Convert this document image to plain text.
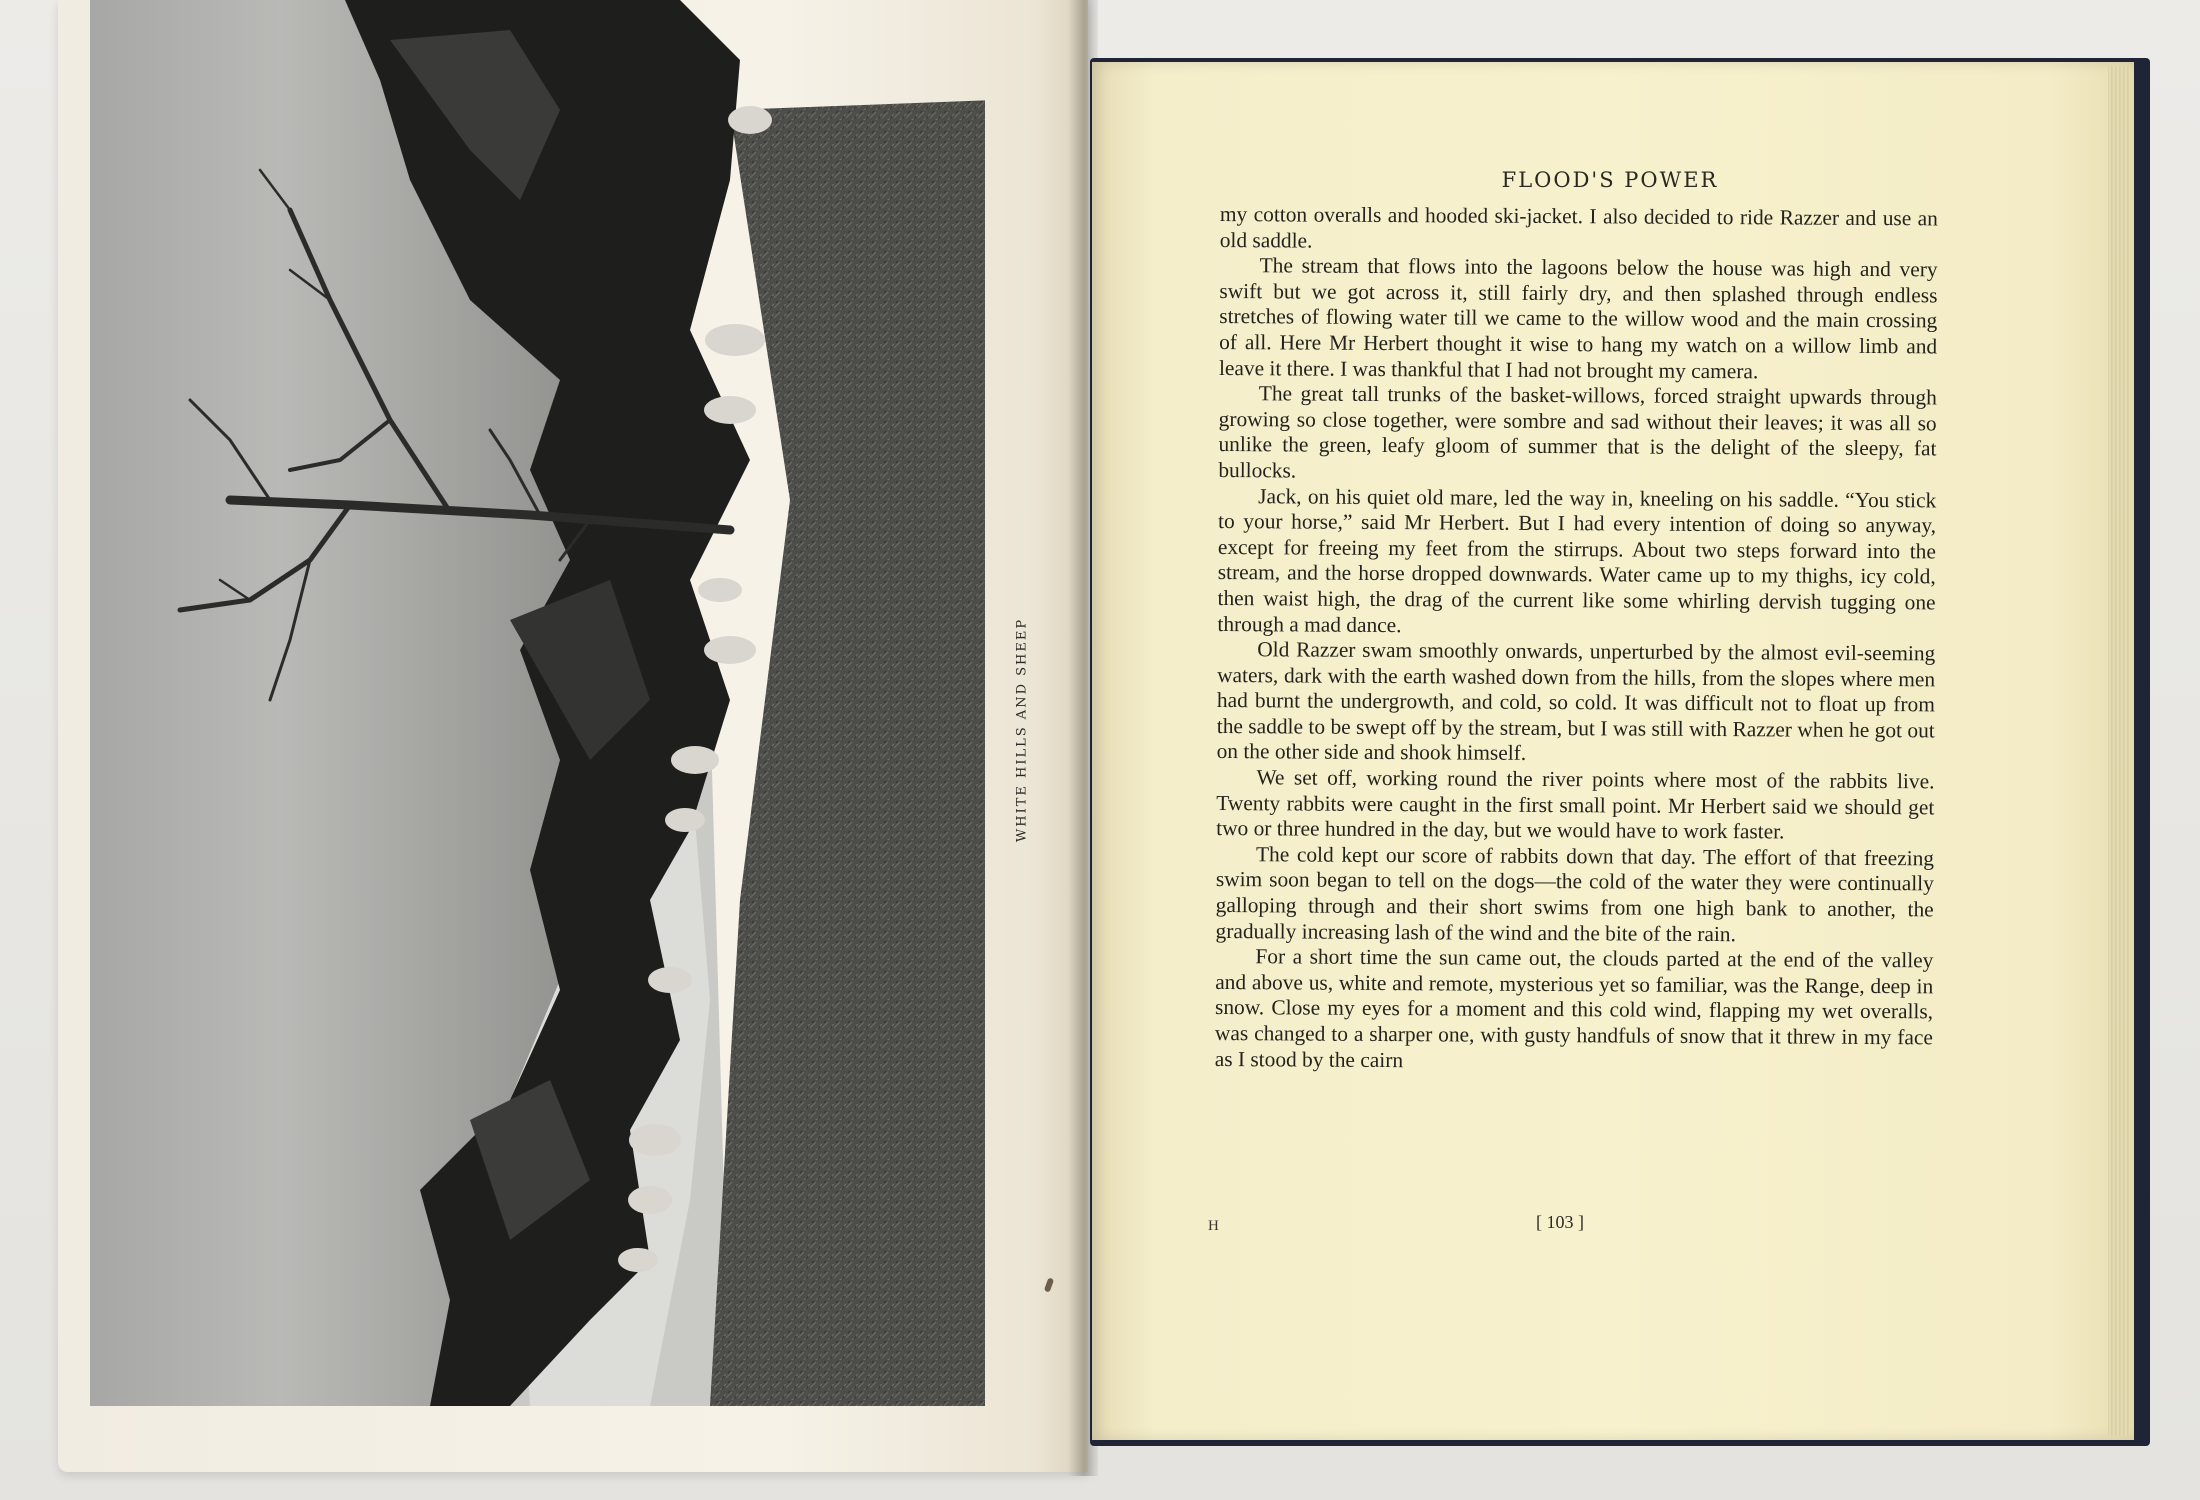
WHITE HILLS AND SHEEP
FLOOD'S POWER

my cotton overalls and hooded ski-jacket. I also decided to ride Razzer and use an old saddle.

The stream that flows into the lagoons below the house was high and very swift but we got across it, still fairly dry, and then splashed through endless stretches of flowing water till we came to the willow wood and the main crossing of all. Here Mr Herbert thought it wise to hang my watch on a willow limb and leave it there. I was thankful that I had not brought my camera.

The great tall trunks of the basket-willows, forced straight upwards through growing so close together, were sombre and sad without their leaves; it was all so unlike the green, leafy gloom of summer that is the delight of the sleepy, fat bullocks.

Jack, on his quiet old mare, led the way in, kneeling on his saddle. “You stick to your horse,” said Mr Herbert. But I had every intention of doing so anyway, except for freeing my feet from the stirrups. About two steps forward into the stream, and the horse dropped downwards. Water came up to my thighs, icy cold, then waist high, the drag of the current like some whirling dervish tugging one through a mad dance.

Old Razzer swam smoothly onwards, unperturbed by the almost evil-seeming waters, dark with the earth washed down from the hills, from the slopes where men had burnt the undergrowth, and cold, so cold. It was difficult not to float up from the saddle to be swept off by the stream, but I was still with Razzer when he got out on the other side and shook himself.

We set off, working round the river points where most of the rabbits live. Twenty rabbits were caught in the first small point. Mr Herbert said we should get two or three hundred in the day, but we would have to work faster.

The cold kept our score of rabbits down that day. The effort of that freezing swim soon began to tell on the dogs—the cold of the water they were continually galloping through and their short swims from one high bank to another, the gradually increasing lash of the wind and the bite of the rain.

For a short time the sun came out, the clouds parted at the end of the valley and above us, white and remote, mysterious yet so familiar, was the Range, deep in snow. Close my eyes for a moment and this cold wind, flapping my wet overalls, was changed to a sharper one, with gusty handfuls of snow that it threw in my face as I stood by the cairn

H	[ 103 ]
